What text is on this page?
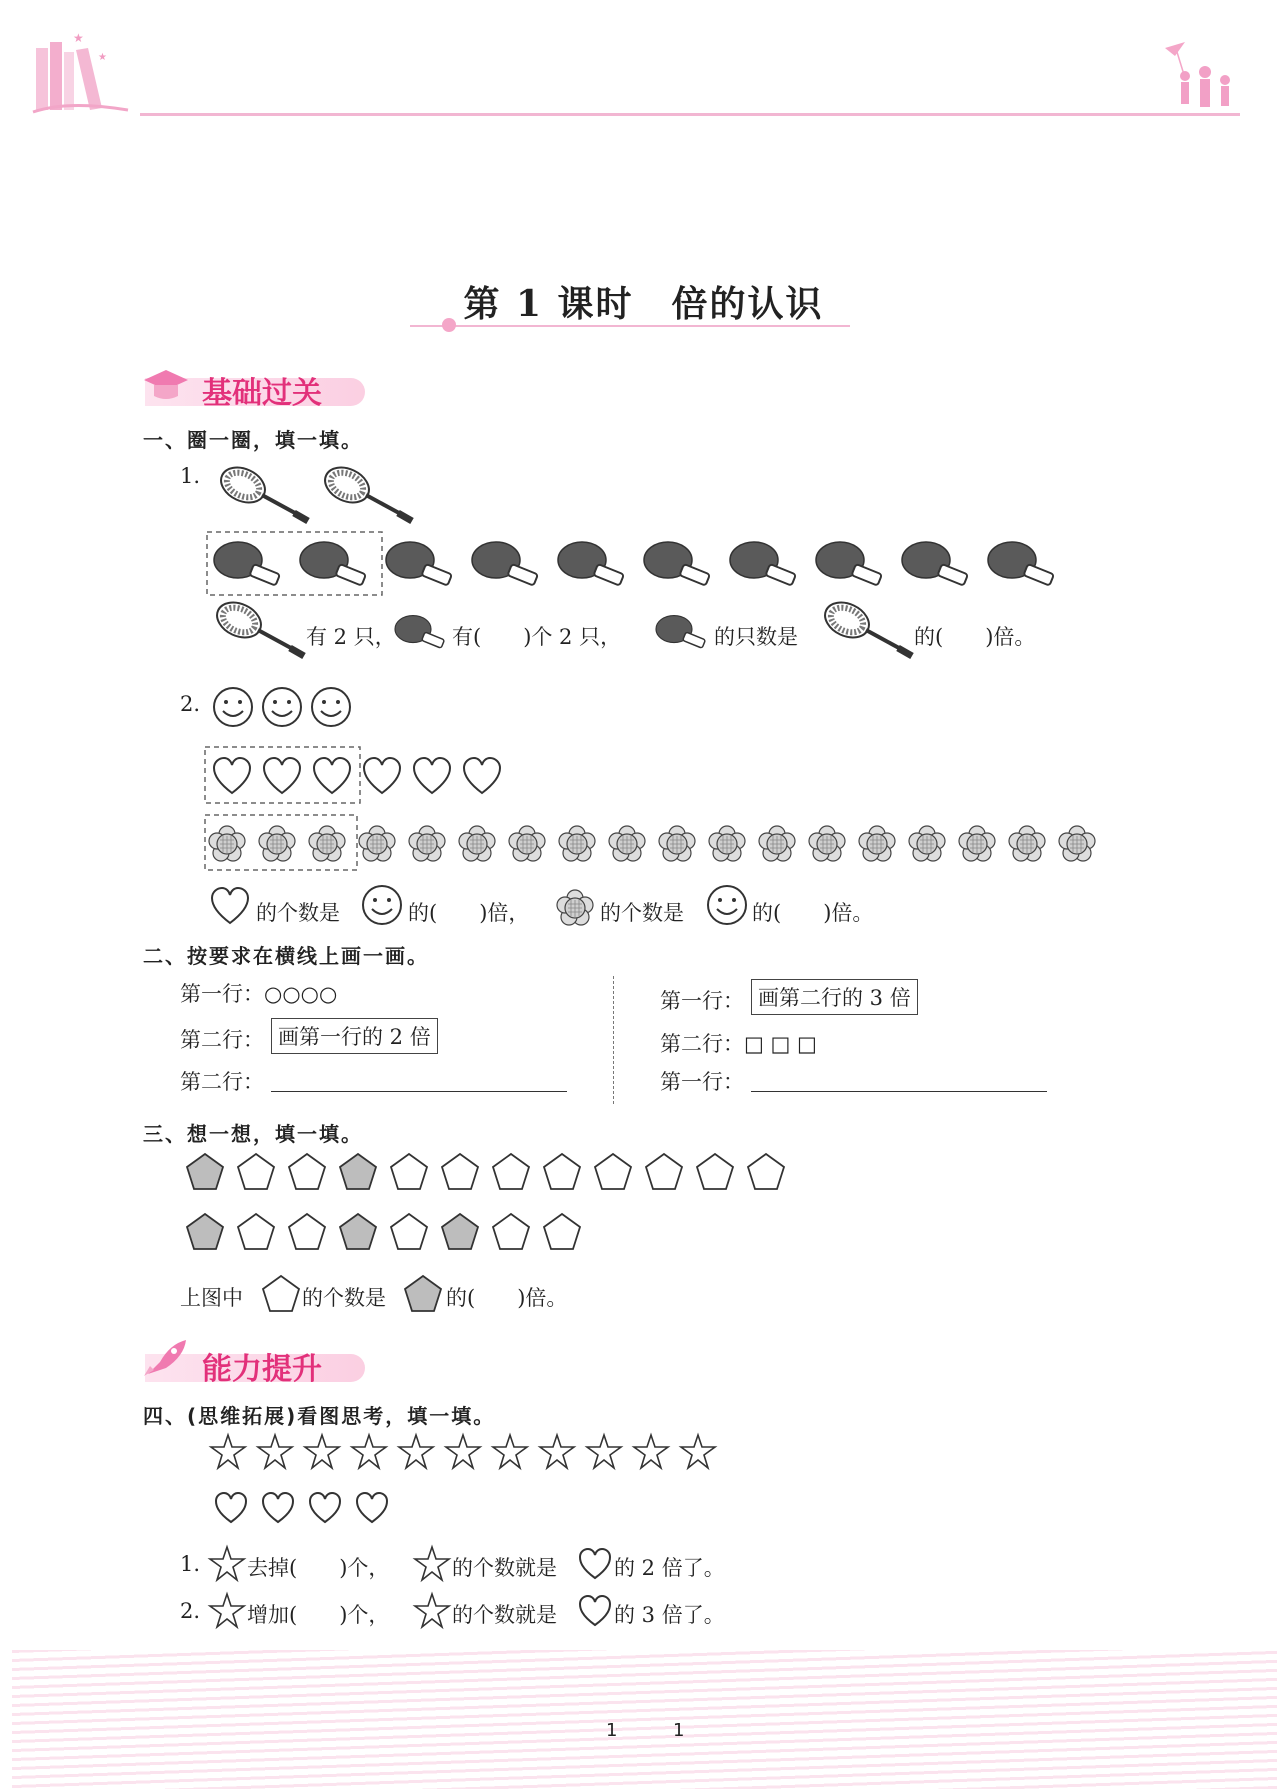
★
★
第 1 课时　倍的认识
基础过关
一、圈一圈，填一填。
1.
有 2 只，	有(　　)个 2 只，	的只数是	的(　　)倍。
2.
的个数是	的(　　)倍，	的个数是	的(　　)倍。
二、按要求在横线上画一画。
第一行：○○○○
第二行： 画第一行的 2 倍
第二行：
第一行： 画第二行的 3 倍
第二行：□ □ □
第一行：
三、想一想，填一填。
上图中	的个数是	的(　　)倍。
能力提升
四、(思维拓展)看图思考，填一填。
1. 去掉(　　)个，	的个数就是	的 2 倍了。
2. 增加(　　)个，	的个数就是	的 3 倍了。
1	1
